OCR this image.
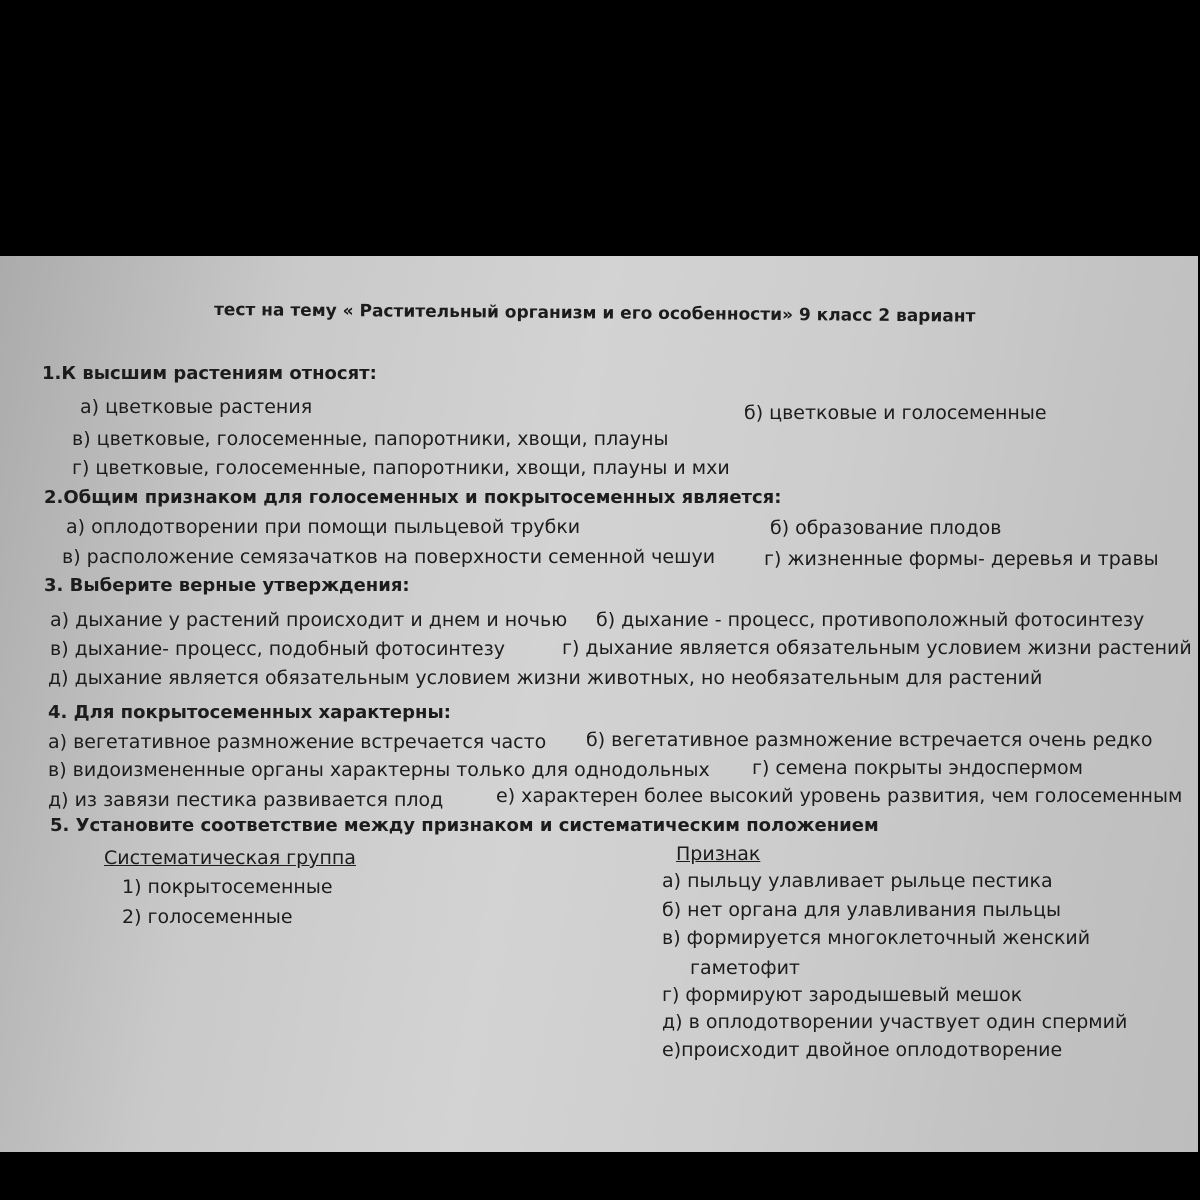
тест на тему « Растительный организм и его особенности» 9 класс 2 вариант
1.К высшим растениям относят:
а) цветковые растения	б) цветковые и голосеменные
в) цветковые, голосеменные, папоротники, хвощи, плауны
г) цветковые, голосеменные, папоротники, хвощи, плауны и мхи
2.Общим признаком для голосеменных и покрытосеменных является:
а) оплодотворении при помощи пыльцевой трубки	б) образование плодов
в) расположение семязачатков на поверхности семенной чешуи	г) жизненные формы- деревья и травы
3. Выберите верные утверждения:
а) дыхание у растений происходит и днем и ночью б) дыхание - процесс, противоположный фотосинтезу
в) дыхание- процесс, подобный фотосинтезу	г) дыхание является обязательным условием жизни растений
д) дыхание является обязательным условием жизни животных, но необязательным для растений
4. Для покрытосеменных характерны:
а) вегетативное размножение встречается часто б) вегетативное размножение встречается очень редко
в) видоизмененные органы характерны только для однодольных г) семена покрыты эндоспермом
д) из завязи пестика развивается плод	е) характерен более высокий уровень развития, чем голосеменным
5. Установите соответствие между признаком и систематическим положением
Систематическая группа
1) покрытосеменные
2) голосеменные
Признак
а) пыльцу улавливает рыльце пестика
б) нет органа для улавливания пыльцы
в) формируется многоклеточный женский
гаметофит
г) формируют зародышевый мешок
д) в оплодотворении участвует один спермий
е)происходит двойное оплодотворение
